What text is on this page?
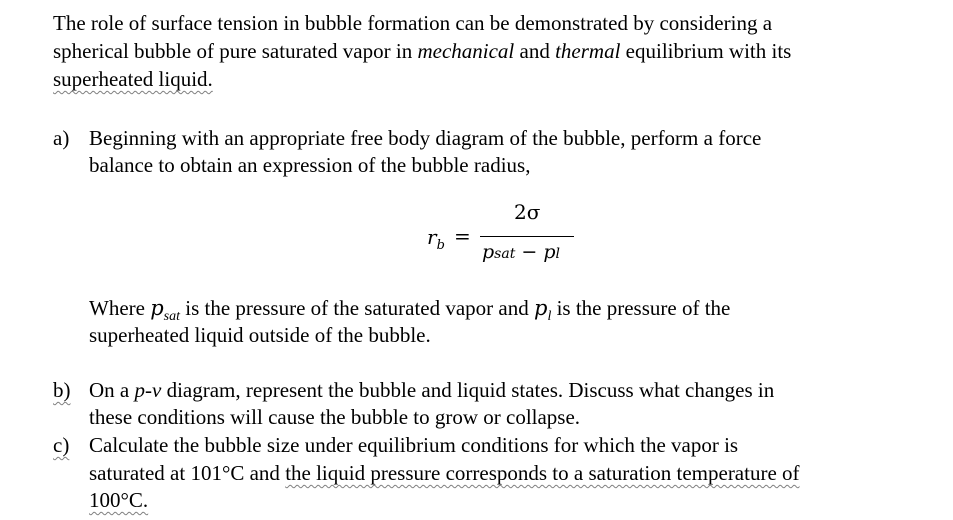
The role of surface tension in bubble formation can be demonstrated by considering a
spherical bubble of pure saturated vapor in mechanical and thermal equilibrium with its
superheated liquid.
a) Beginning with an appropriate free body diagram of the bubble, perform a force
balance to obtain an expression of the bubble radius,
$r_b$ =
2σ
psat − pl
Where $p_{sat}$ is the pressure of the saturated vapor and $p_l$ is the pressure of the
superheated liquid outside of the bubble.
b) On a p-v diagram, represent the bubble and liquid states. Discuss what changes in
these conditions will cause the bubble to grow or collapse.
c) Calculate the bubble size under equilibrium conditions for which the vapor is
saturated at 101°C and the liquid pressure corresponds to a saturation temperature of
100°C.
